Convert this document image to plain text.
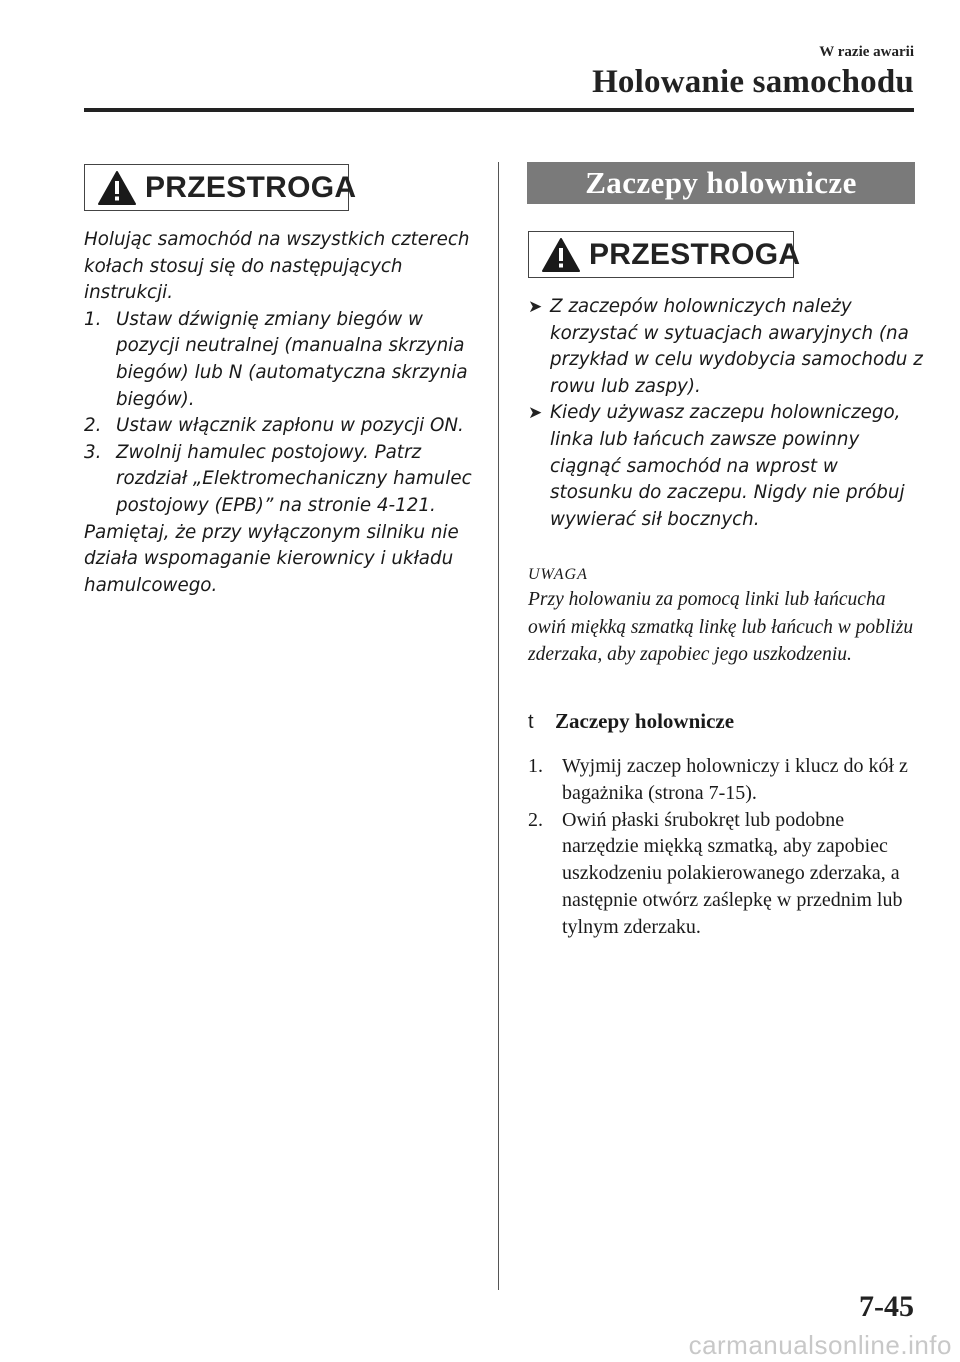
W razie awarii
Holowanie samochodu
PRZESTROGA

Holując samochód na wszystkich czterech kołach stosuj się do następujących instrukcji.

1. Ustaw dźwignię zmiany biegów w pozycji neutralnej (manualna skrzynia biegów) lub N (automatyczna skrzynia biegów).
2. Ustaw włącznik zapłonu w pozycji ON.
3. Zwolnij hamulec postojowy. Patrz rozdział „Elektromechaniczny hamulec postojowy (EPB)” na stronie 4-121.

Pamiętaj, że przy wyłączonym silniku nie działa wspomaganie kierownicy i układu hamulcowego.

Zaczepy holownicze
PRZESTROGA
➤ Z zaczepów holowniczych należy korzystać w sytuacjach awaryjnych (na przykład w celu wydobycia samochodu z rowu lub zaspy).
➤ Kiedy używasz zaczepu holowniczego, linka lub łańcuch zawsze powinny ciągnąć samochód na wprost w stosunku do zaczepu. Nigdy nie próbuj wywierać sił bocznych.
UWAGA
Przy holowaniu za pomocą linki lub łańcucha owiń miękką szmatką linkę lub łańcuch w pobliżu zderzaka, aby zapobiec jego uszkodzeniu.
t	Zaczepy holownicze
1. Wyjmij zaczep holowniczy i klucz do kół z bagażnika (strona 7-15).
2. Owiń płaski śrubokręt lub podobne narzędzie miękką szmatką, aby zapobiec uszkodzeniu polakierowanego zderzaka, a następnie otwórz zaślepkę w przednim lub tylnym zderzaku.
7-45
carmanualsonline.info
